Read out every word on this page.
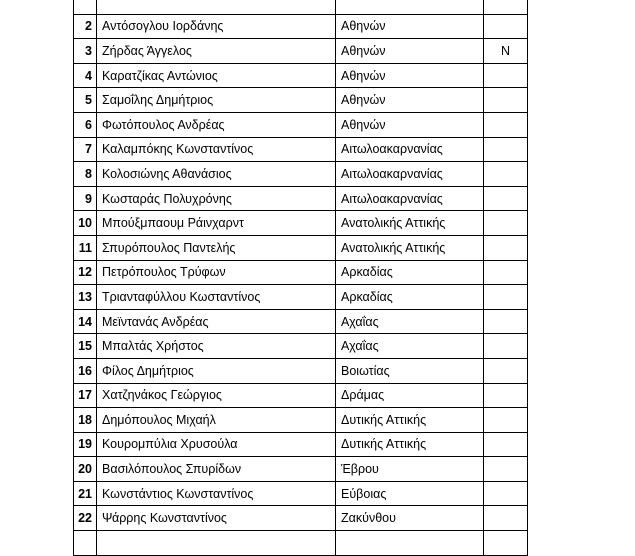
2	Αντόσογλου Ιορδάνης	Αθηνών	
3	Ζήρδας Άγγελος	Αθηνών	N
4	Καρατζίκας Αντώνιος	Αθηνών	
5	Σαμοΐλης Δημήτριος	Αθηνών	
6	Φωτόπουλος Ανδρέας	Αθηνών	
7	Καλαμπόκης Κωνσταντίνος	Αιτωλοακαρνανίας	
8	Κολοσιώνης Αθανάσιος	Αιτωλοακαρνανίας	
9	Κωσταράς Πολυχρόνης	Αιτωλοακαρνανίας	
10	Μπούξμπαουμ Ράινχαρντ	Ανατολικής Αττικής	
11	Σπυρόπουλος Παντελής	Ανατολικής Αττικής	
12	Πετρόπουλος Τρύφων	Αρκαδίας	
13	Τριανταφύλλου Κωσταντίνος	Αρκαδίας	
14	Μεϊντανάς Ανδρέας	Αχαΐας	
15	Μπαλτάς Χρήστος	Αχαΐας	
16	Φίλος Δημήτριος	Βοιωτίας	
17	Χατζηνάκος Γεώργιος	Δράμας	
18	Δημόπουλος Μιχαήλ	Δυτικής Αττικής	
19	Κουρομπύλια Χρυσούλα	Δυτικής Αττικής	
20	Βασιλόπουλος Σπυρίδων	Έβρου	
21	Κωνστάντιος Κωνσταντίνος	Εύβοιας	
22	Ψάρρης Κωνσταντίνος	Ζακύνθου	
